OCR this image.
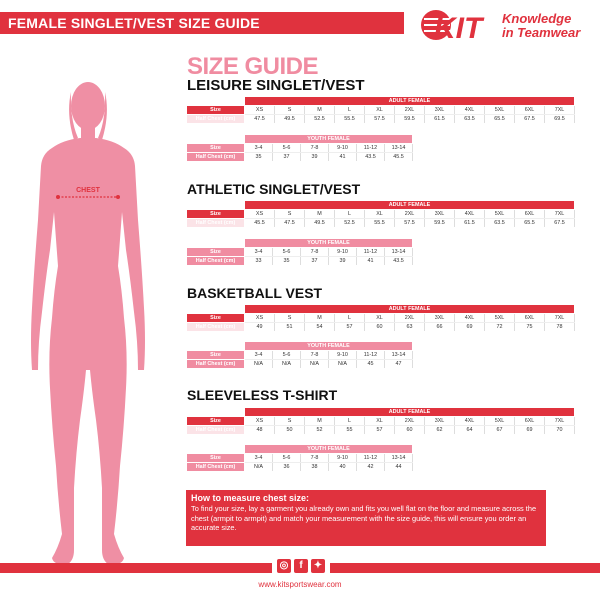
FEMALE SINGLET/VEST SIZE GUIDE	KIT Knowledge
in Teamwear
CHEST
SIZE GUIDE
LEISURE SINGLET/VEST
	ADULT FEMALE										
Size	XS	S	M	L	XL	2XL	3XL	4XL	5XL	6XL	7XL
Half Chest (cm)	47.5	49.5	52.5	55.5	57.5	59.5	61.5	63.5	65.5	67.5	69.5
	YOUTH FEMALE					
Size	3-4	5-6	7-8	9-10	11-12	13-14
Half Chest (cm)	35	37	39	41	43.5	45.5
ATHLETIC SINGLET/VEST
	ADULT FEMALE										
Size	XS	S	M	L	XL	2XL	3XL	4XL	5XL	6XL	7XL
Half Chest (cm)	45.5	47.5	49.5	52.5	55.5	57.5	59.5	61.5	63.5	65.5	67.5
	YOUTH FEMALE					
Size	3-4	5-6	7-8	9-10	11-12	13-14
Half Chest (cm)	33	35	37	39	41	43.5
BASKETBALL VEST
	ADULT FEMALE										
Size	XS	S	M	L	XL	2XL	3XL	4XL	5XL	6XL	7XL
Half Chest (cm)	49	51	54	57	60	63	66	69	72	75	78
	YOUTH FEMALE					
Size	3-4	5-6	7-8	9-10	11-12	13-14
Half Chest (cm)	N/A	N/A	N/A	N/A	45	47
SLEEVELESS T-SHIRT
	ADULT FEMALE										
Size	XS	S	M	L	XL	2XL	3XL	4XL	5XL	6XL	7XL
Half Chest (cm)	48	50	52	55	57	60	62	64	67	69	70
	YOUTH FEMALE					
Size	3-4	5-6	7-8	9-10	11-12	13-14
Half Chest (cm)	N/A	36	38	40	42	44
How to measure chest size:
To find your size, lay a garment you already own and fits you well flat on the floor and measure across the chest (armpit to armpit) and match your measurement with the size guide, this will ensure you order an accurate size.
◎	f	✦
www.kitsportswear.com
